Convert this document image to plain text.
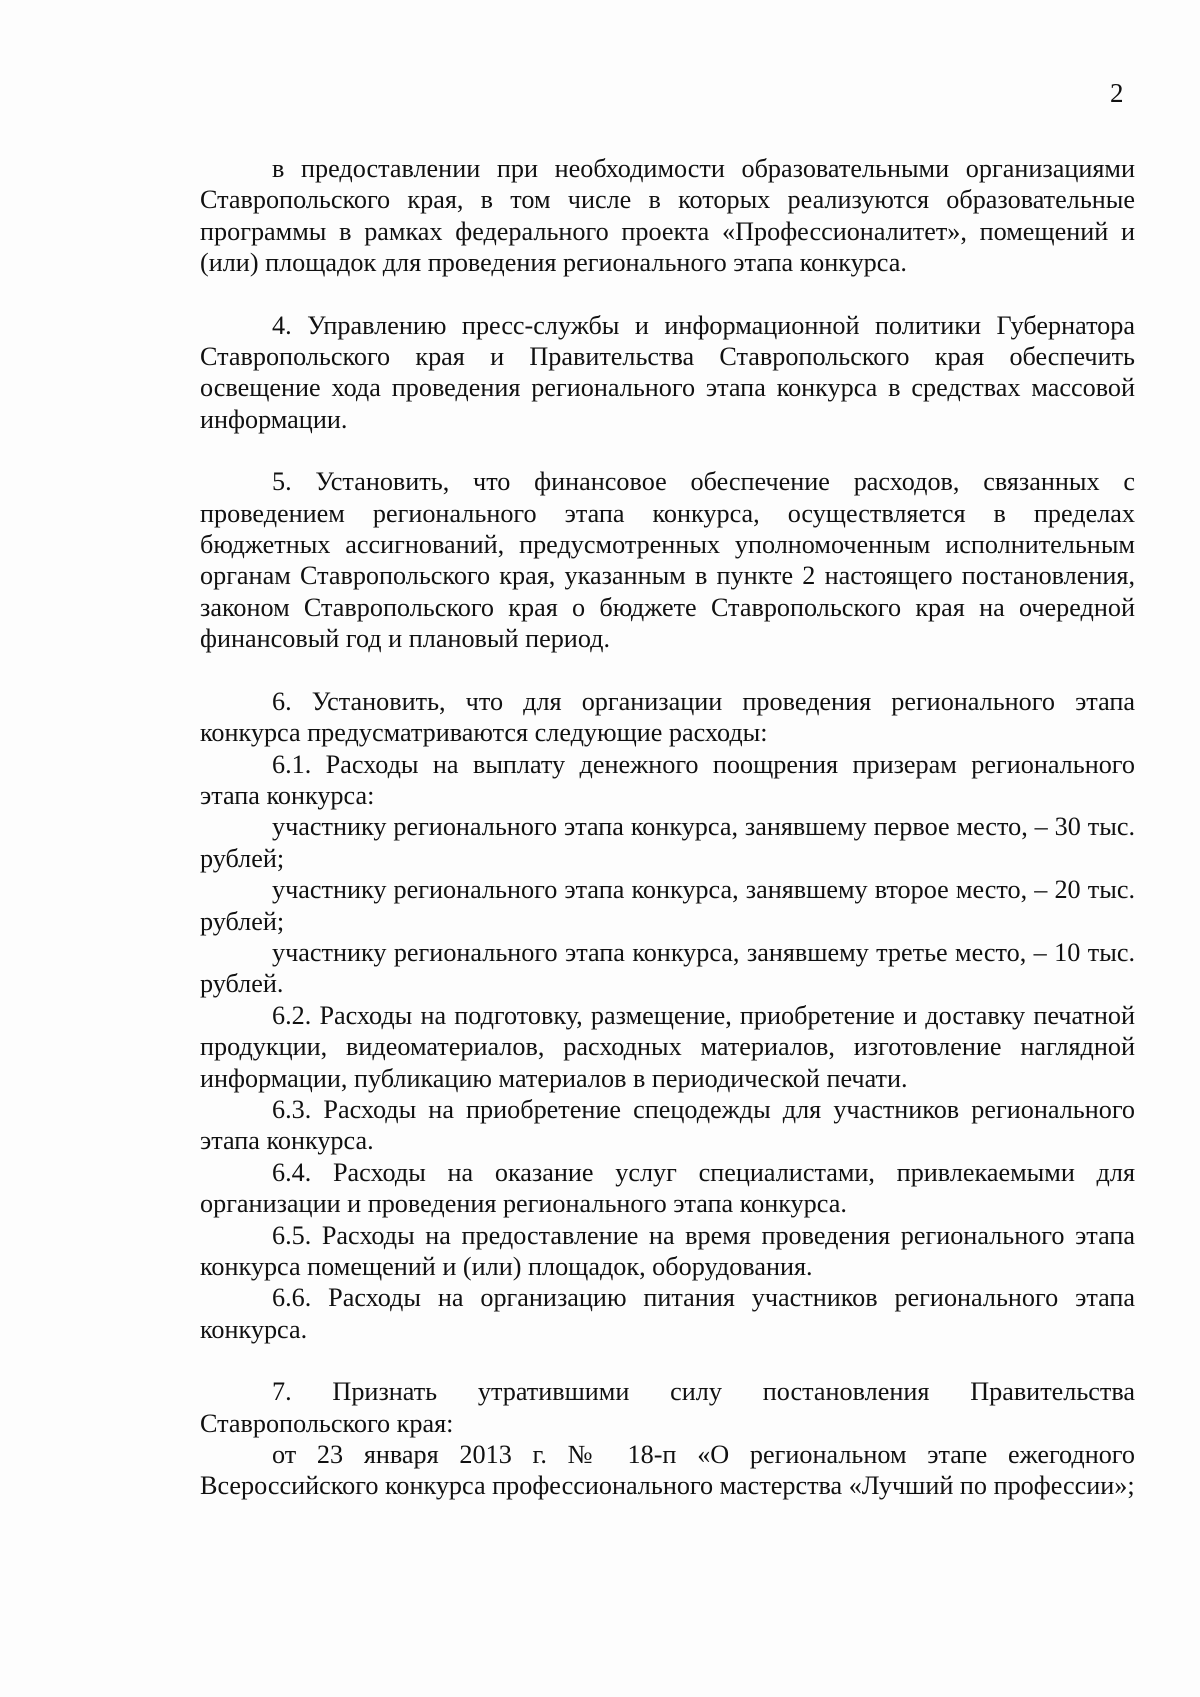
2

в предоставлении при необходимости образовательными организациями Ставропольского края, в том числе в которых реализуются образовательные программы в рамках федерального проекта «Профессионалитет», помещений и (или) площадок для проведения регионального этапа конкурса.

4. Управлению пресс-службы и информационной политики Губернатора Ставропольского края и Правительства Ставропольского края обеспечить освещение хода проведения регионального этапа конкурса в средствах массовой информации.

5. Установить, что финансовое обеспечение расходов, связанных с проведением регионального этапа конкурса, осуществляется в пределах бюджетных ассигнований, предусмотренных уполномоченным исполнительным органам Ставропольского края, указанным в пункте 2 настоящего постановления, законом Ставропольского края о бюджете Ставропольского края на очередной финансовый год и плановый период.

6. Установить, что для организации проведения регионального этапа конкурса предусматриваются следующие расходы:

6.1. Расходы на выплату денежного поощрения призерам регионального этапа конкурса:

участнику регионального этапа конкурса, занявшему первое место, – 30 тыс. рублей;

участнику регионального этапа конкурса, занявшему второе место, – 20 тыс. рублей;

участнику регионального этапа конкурса, занявшему третье место, – 10 тыс. рублей.

6.2. Расходы на подготовку, размещение, приобретение и доставку печатной продукции, видеоматериалов, расходных материалов, изготовление наглядной информации, публикацию материалов в периодической печати.

6.3. Расходы на приобретение спецодежды для участников регионального этапа конкурса.

6.4. Расходы на оказание услуг специалистами, привлекаемыми для организации и проведения регионального этапа конкурса.

6.5. Расходы на предоставление на время проведения регионального этапа конкурса помещений и (или) площадок, оборудования.

6.6. Расходы на организацию питания участников регионального этапа конкурса.

7. Признать утратившими силу постановления Правительства Ставропольского края:

от 23 января 2013 г. № 18-п «О региональном этапе ежегодного Всероссийского конкурса профессионального мастерства «Лучший по профессии»;
